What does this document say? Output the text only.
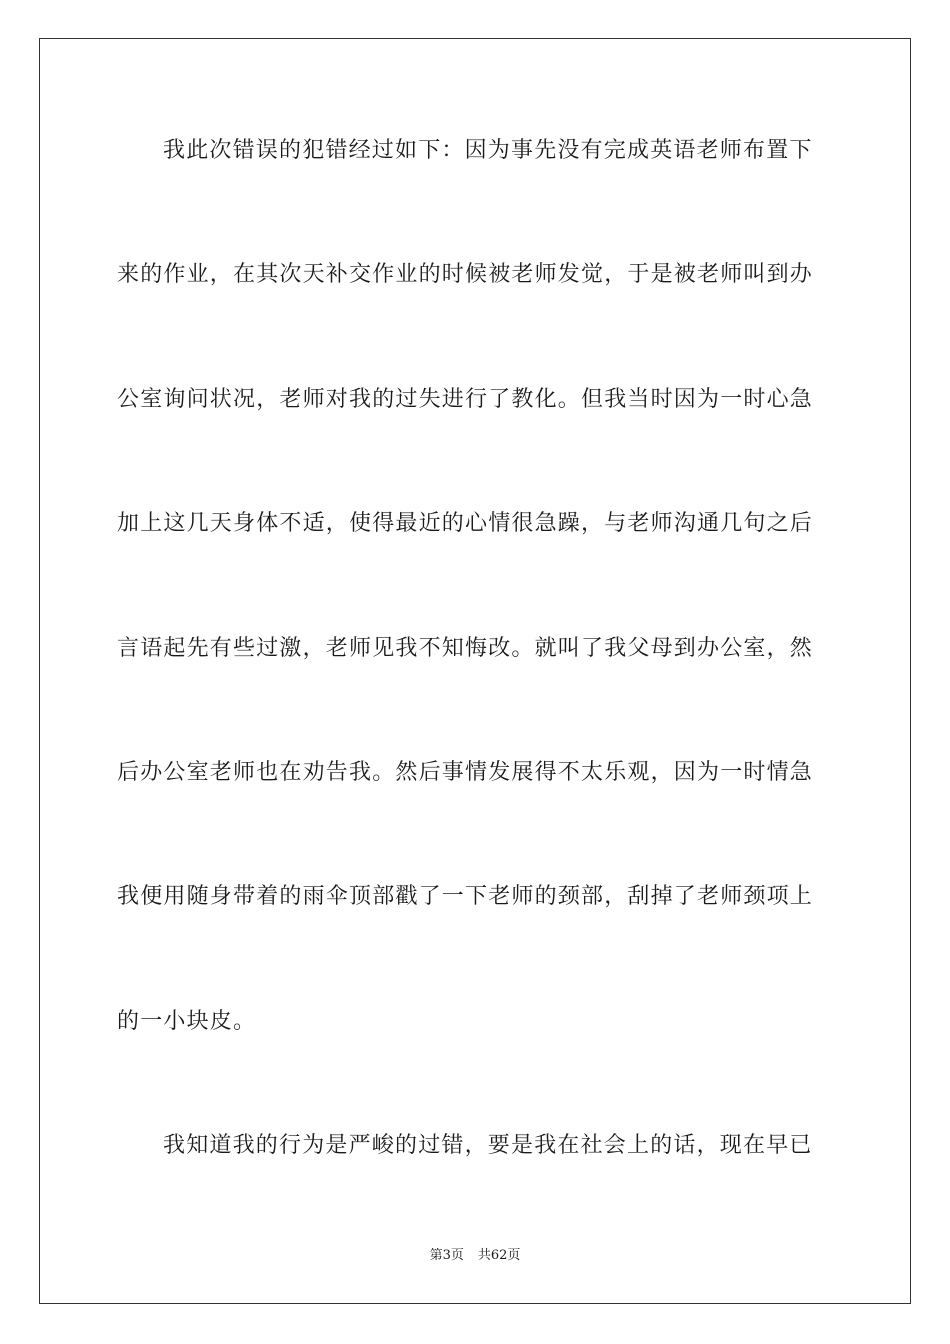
我此次错误的犯错经过如下：因为事先没有完成英语老师布置下
来的作业，在其次天补交作业的时候被老师发觉，于是被老师叫到办
公室询问状况，老师对我的过失进行了教化。但我当时因为一时心急
加上这几天身体不适，使得最近的心情很急躁，与老师沟通几句之后
言语起先有些过激，老师见我不知悔改。就叫了我父母到办公室，然
后办公室老师也在劝告我。然后事情发展得不太乐观，因为一时情急
我便用随身带着的雨伞顶部戳了一下老师的颈部，刮掉了老师颈项上
的一小块皮。
我知道我的行为是严峻的过错，要是我在社会上的话，现在早已
第3页 共62页
